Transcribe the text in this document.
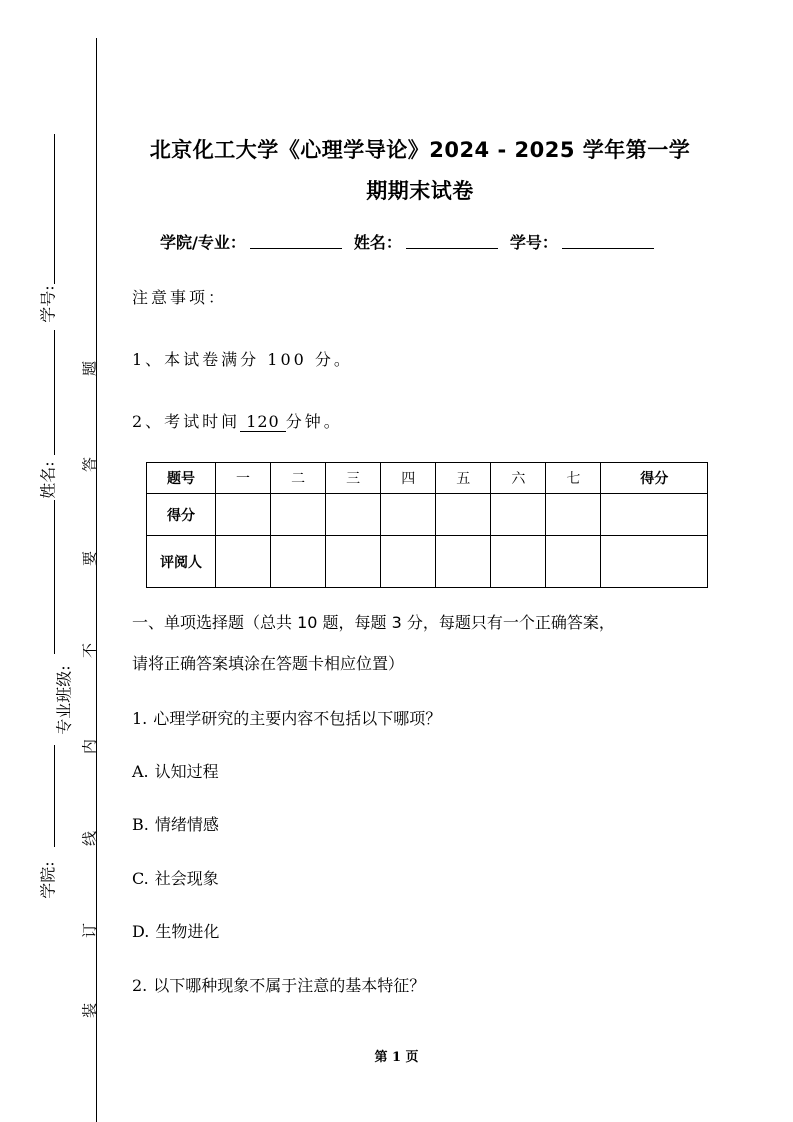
学号:
姓名:
专业班级:
学院:
题
答
要
不
内
线
订
装
北京化工大学《心理学导论》2024 - 2025 学年第一学
期期末试卷
学院/专业：	姓名：	学号：
注意事项：
1、本试卷满分 100 分。
2、考试时间 120 分钟。
题号	一	二	三	四	五	六	七	得分
得分								
评阅人								
一、单项选择题（总共 10 题，每题 3 分，每题只有一个正确答案，
请将正确答案填涂在答题卡相应位置）
1. 心理学研究的主要内容不包括以下哪项？
A. 认知过程
B. 情绪情感
C. 社会现象
D. 生物进化
2. 以下哪种现象不属于注意的基本特征？
第 1 页
